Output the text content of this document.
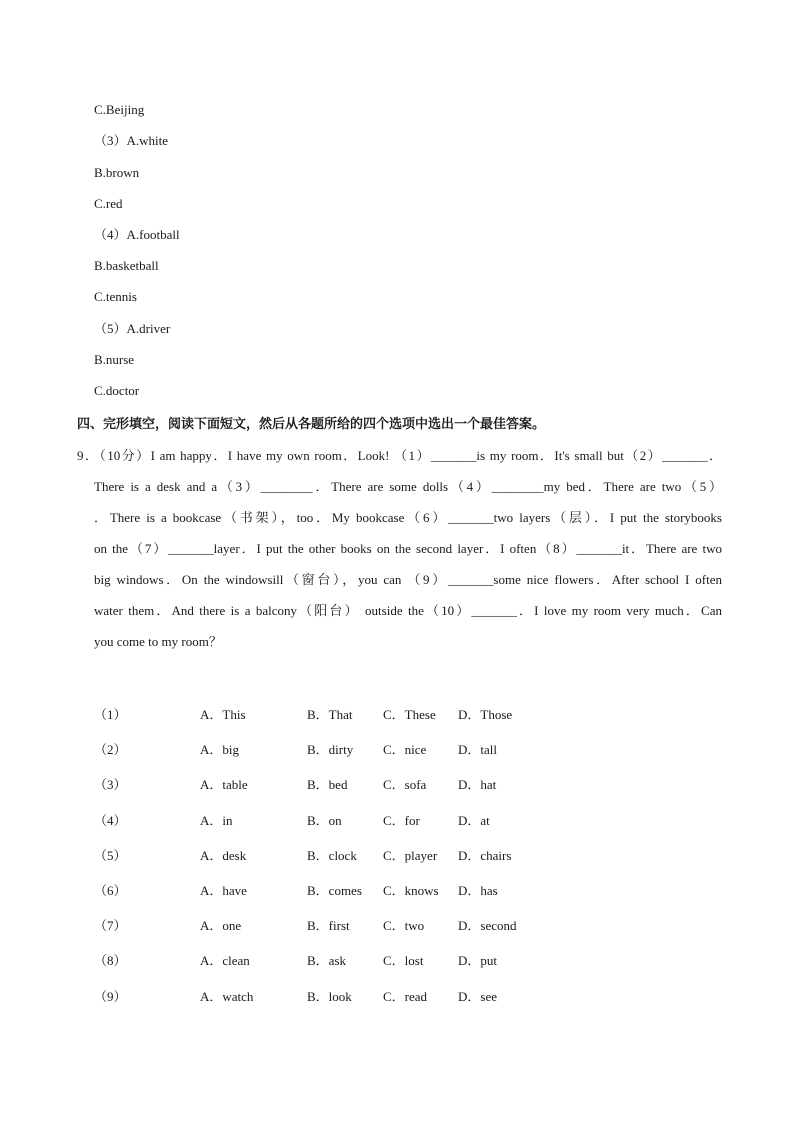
C.Beijing
（3）A.white
B.brown
C.red
（4）A.football
B.basketball
C.tennis
（5）A.driver
B.nurse
C.doctor
四、完形填空，阅读下面短文，然后从各题所给的四个选项中选出一个最佳答案。
9．（10分）I am happy．I have my own room．Look! （1）_______is my room．It's small but（2）_______．
There is a desk and a（3）________．There are some dolls（4）________my bed．There are two（5）
．There is a bookcase（书架），too．My bookcase（6）_______two layers（层）．I put the storybooks
on the（7）_______layer．I put the other books on the second layer．I often（8）_______it．There are two
big windows．On the windowsill（窗台），you can （9）_______some nice flowers．After school I often
water them．And there is a balcony（阳台） outside the（10）_______．I love my room very much．Can
you come to my room？
（1）	A．This	B．That	C．These	D．Those
（2）	A．big	B．dirty	C．nice	D．tall
（3）	A．table	B．bed	C．sofa	D．hat
（4）	A．in	B．on	C．for	D．at
（5）	A．desk	B．clock	C．player	D．chairs
（6）	A．have	B．comes	C．knows	D．has
（7）	A．one	B．first	C．two	D．second
（8）	A．clean	B．ask	C．lost	D．put
（9）	A．watch	B．look	C．read	D．see
